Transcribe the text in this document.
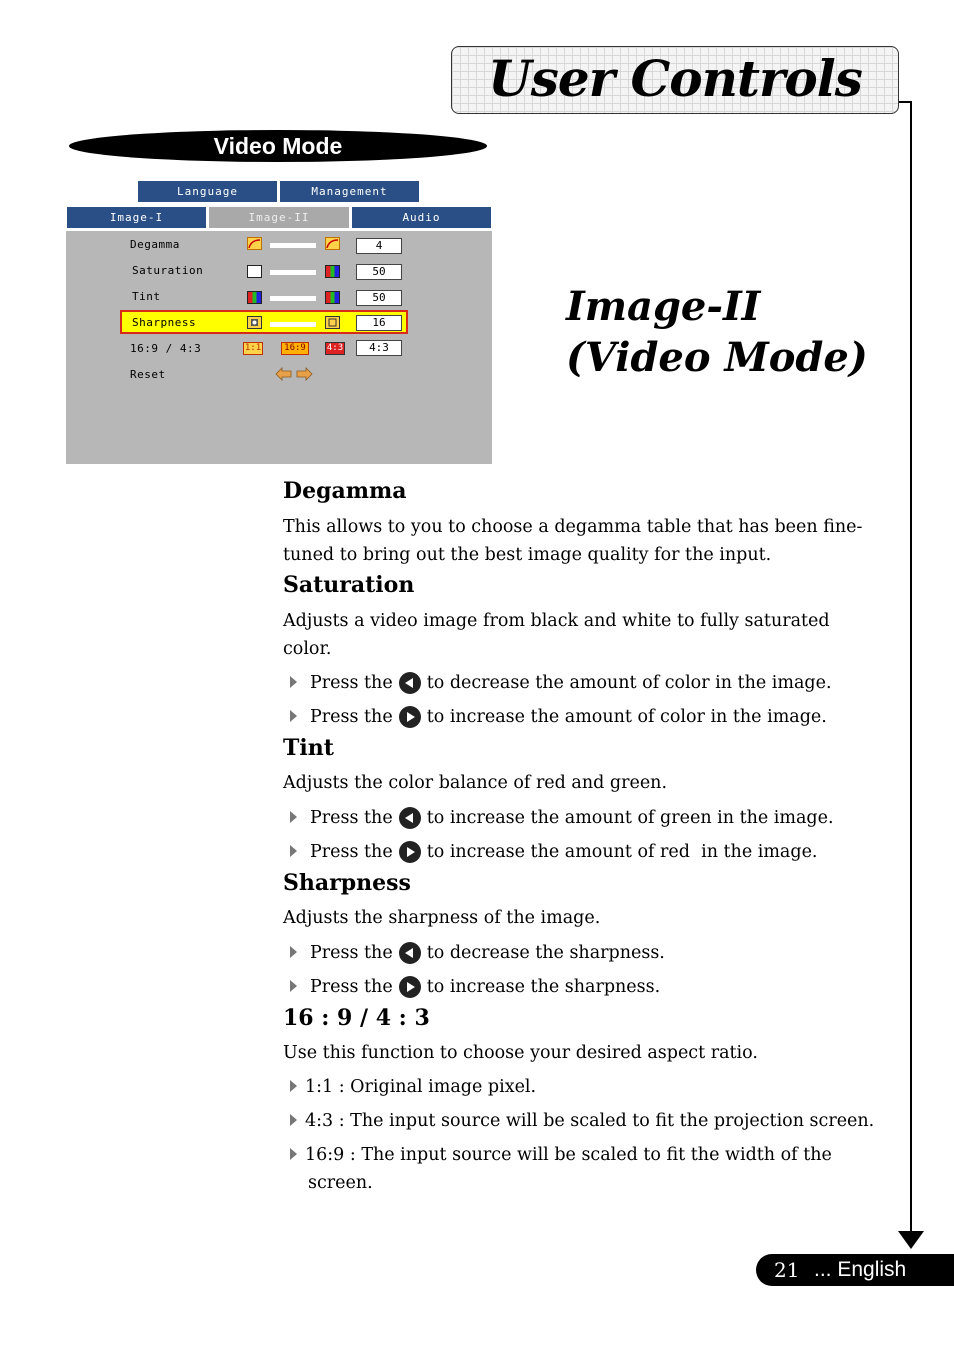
User Controls
Video Mode
Language	Management
Image-I	Image-II	Audio
Degamma	4
Saturation	50
Tint	50
Sharpness	16
16:9 / 4:3	1:1	16:9	4:3	4:3
Reset
Image-II
(Video Mode)
Degamma
This allows to you to choose a degamma table that has been fine-tuned to bring out the best image quality for the input.
Saturation
Adjusts a video image from black and white to fully saturated color.
Press the to decrease the amount of color in the image.
Press the to increase the amount of color in the image.
Tint
Adjusts the color balance of red and green.
Press the to increase the amount of green in the image.
Press the to increase the amount of red  in the image.
Sharpness
Adjusts the sharpness of the image.
Press the to decrease the sharpness.
Press the to increase the sharpness.
16 : 9 / 4 : 3
Use this function to choose your desired aspect ratio.
1:1 : Original image pixel.
4:3 : The input source will be scaled to fit the projection screen.
16:9 : The input source will be scaled to fit the width of the
screen.
21 ... English
